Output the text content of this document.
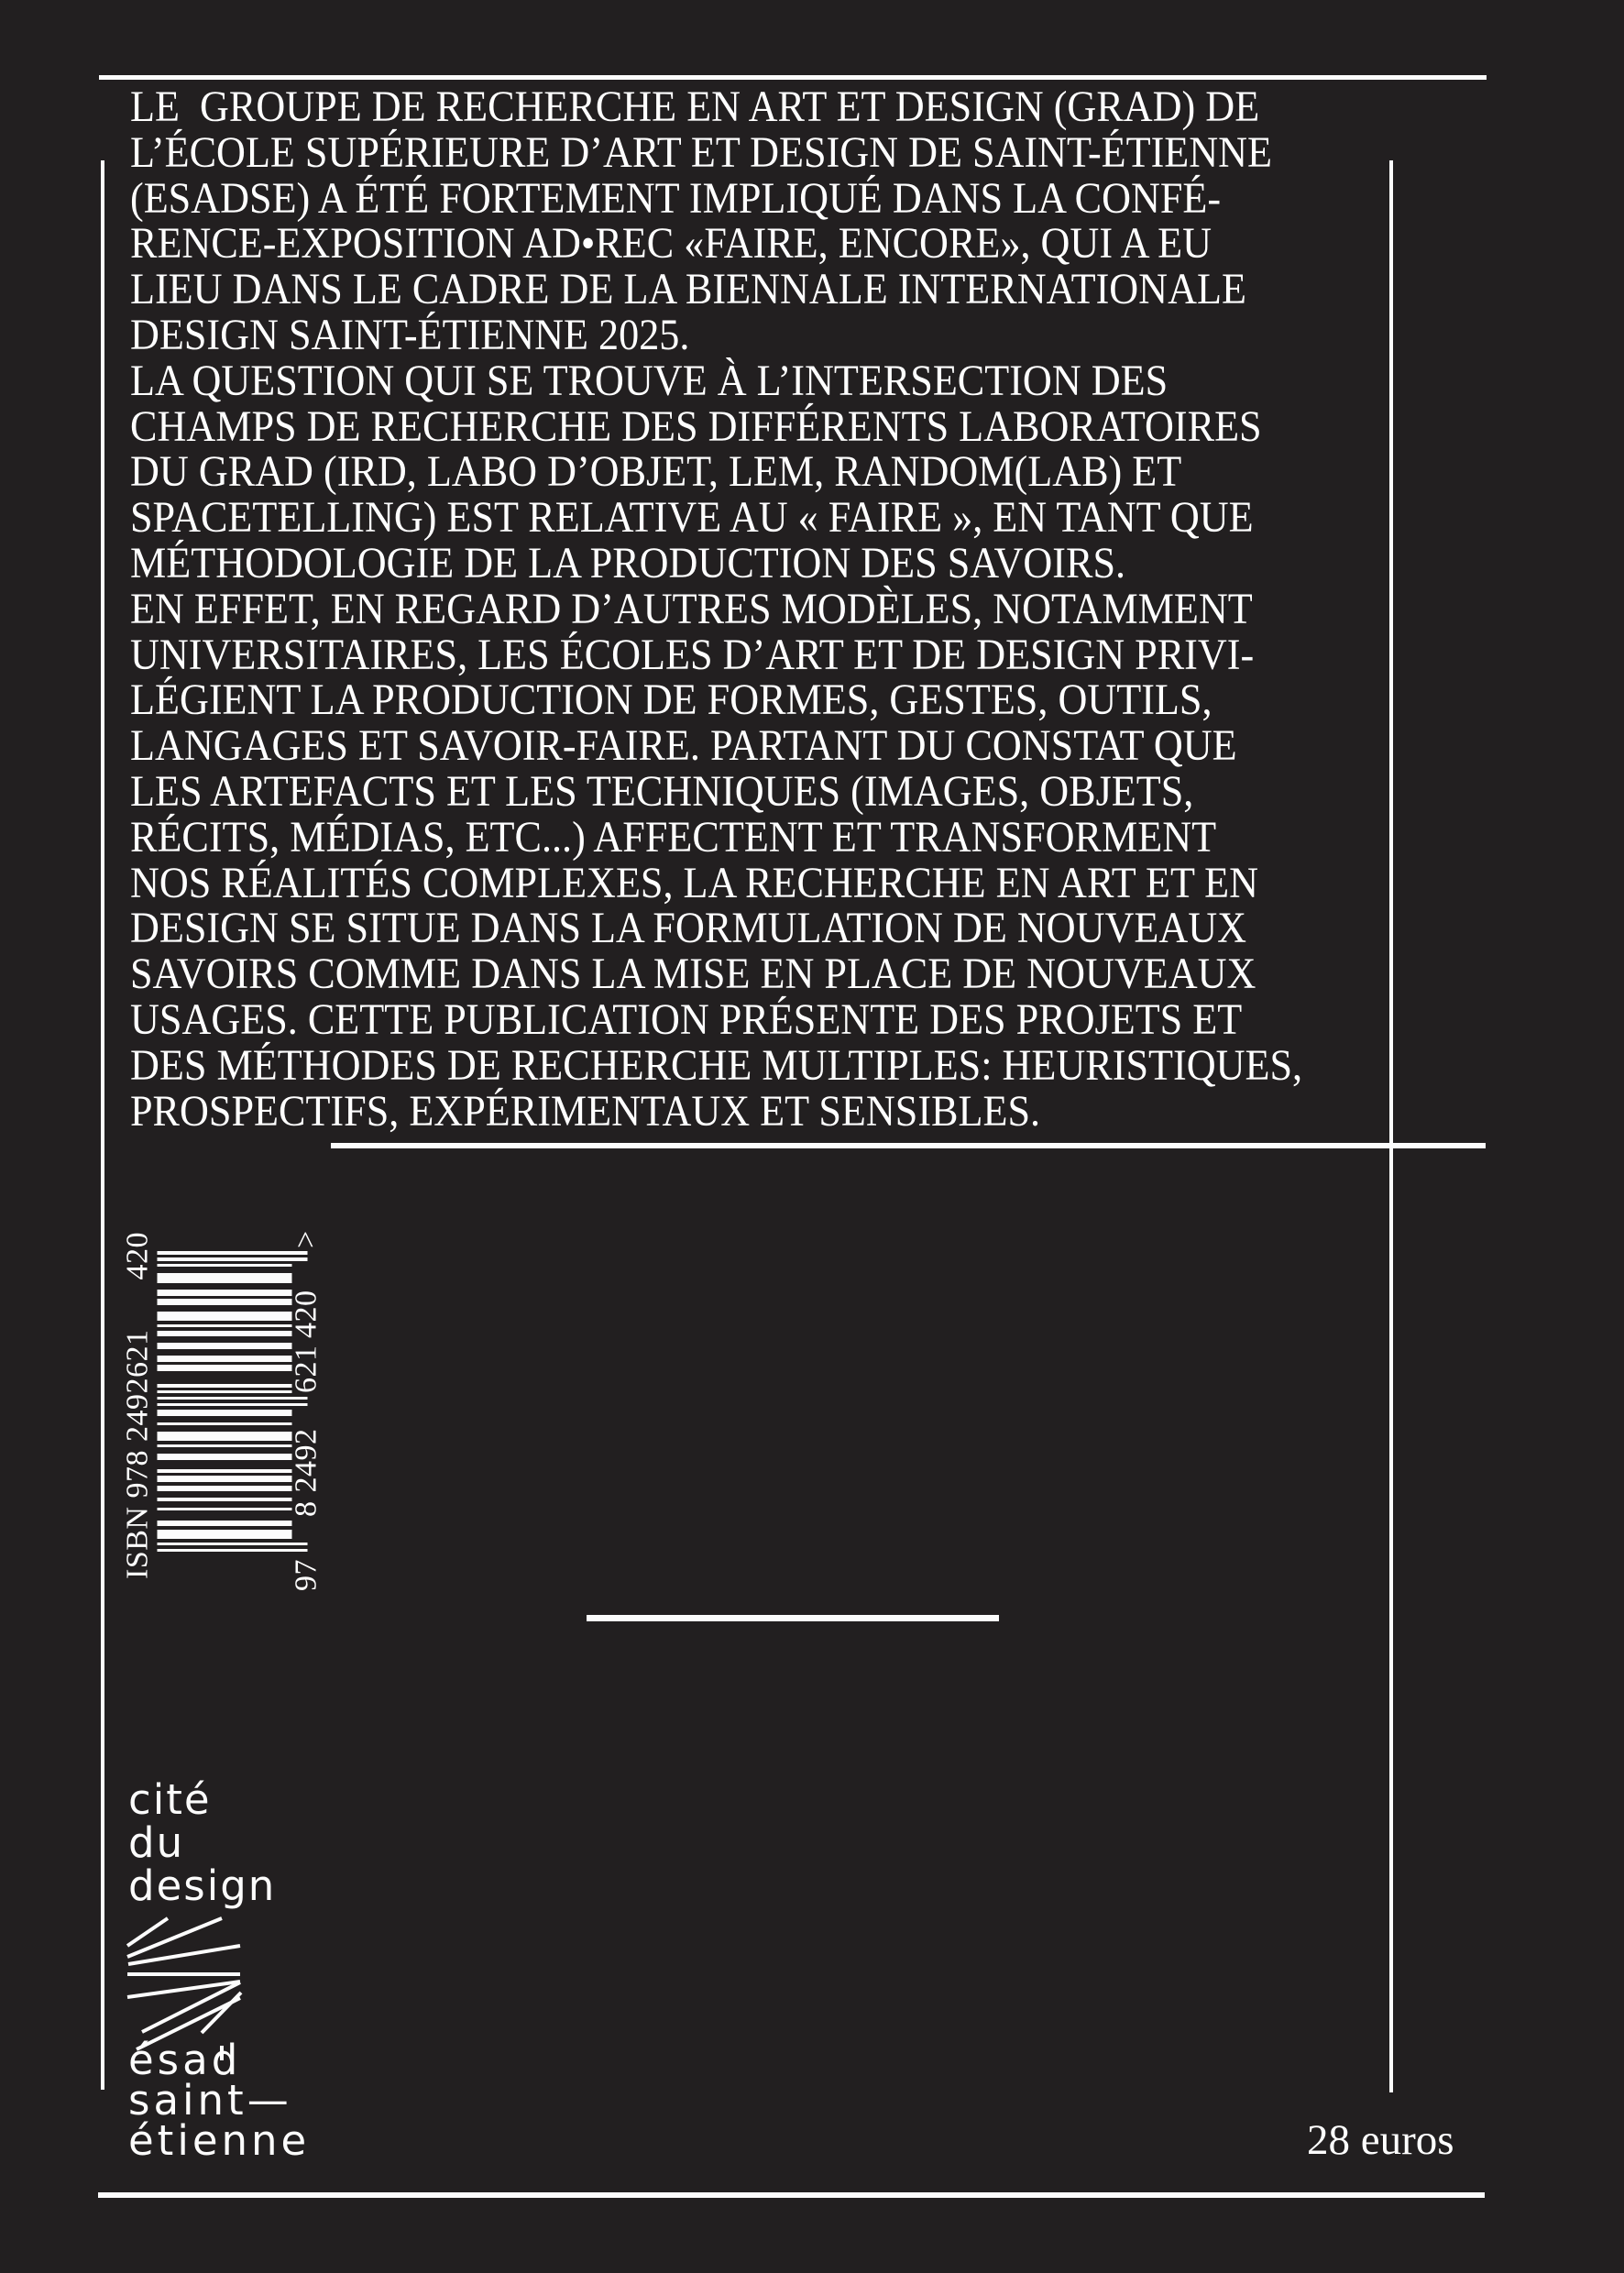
LE  GROUPE DE RECHERCHE EN ART ET DESIGN (GRAD) DE
L’ÉCOLE SUPÉRIEURE D’ART ET DESIGN DE SAINT-ÉTIENNE
(ESADSE) A ÉTÉ FORTEMENT IMPLIQUÉ DANS LA CONFÉ-
RENCE-EXPOSITION AD•REC «FAIRE, ENCORE», QUI A EU
LIEU DANS LE CADRE DE LA BIENNALE INTERNATIONALE
DESIGN SAINT-ÉTIENNE 2025.
LA QUESTION QUI SE TROUVE À L’INTERSECTION DES
CHAMPS DE RECHERCHE DES DIFFÉRENTS LABORATOIRES
DU GRAD (IRD, LABO D’OBJET, LEM, RANDOM(LAB) ET
SPACETELLING) EST RELATIVE AU « FAIRE », EN TANT QUE
MÉTHODOLOGIE DE LA PRODUCTION DES SAVOIRS.
EN EFFET, EN REGARD D’AUTRES MODÈLES, NOTAMMENT
UNIVERSITAIRES, LES ÉCOLES D’ART ET DE DESIGN PRIVI-
LÉGIENT LA PRODUCTION DE FORMES, GESTES, OUTILS,
LANGAGES ET SAVOIR-FAIRE. PARTANT DU CONSTAT QUE
LES ARTEFACTS ET LES TECHNIQUES (IMAGES, OBJETS,
RÉCITS, MÉDIAS, ETC...) AFFECTENT ET TRANSFORMENT
NOS RÉALITÉS COMPLEXES, LA RECHERCHE EN ART ET EN
DESIGN SE SITUE DANS LA FORMULATION DE NOUVEAUX
SAVOIRS COMME DANS LA MISE EN PLACE DE NOUVEAUX
USAGES. CETTE PUBLICATION PRÉSENTE DES PROJETS ET
DES MÉTHODES DE RECHERCHE MULTIPLES: HEURISTIQUES,
PROSPECTIFS, EXPÉRIMENTAUX ET SENSIBLES.
ISBN 978 2492621      420	97
8 2492
621
420
>
cité
du
design
ésad
saint—
étienne	28 euros
